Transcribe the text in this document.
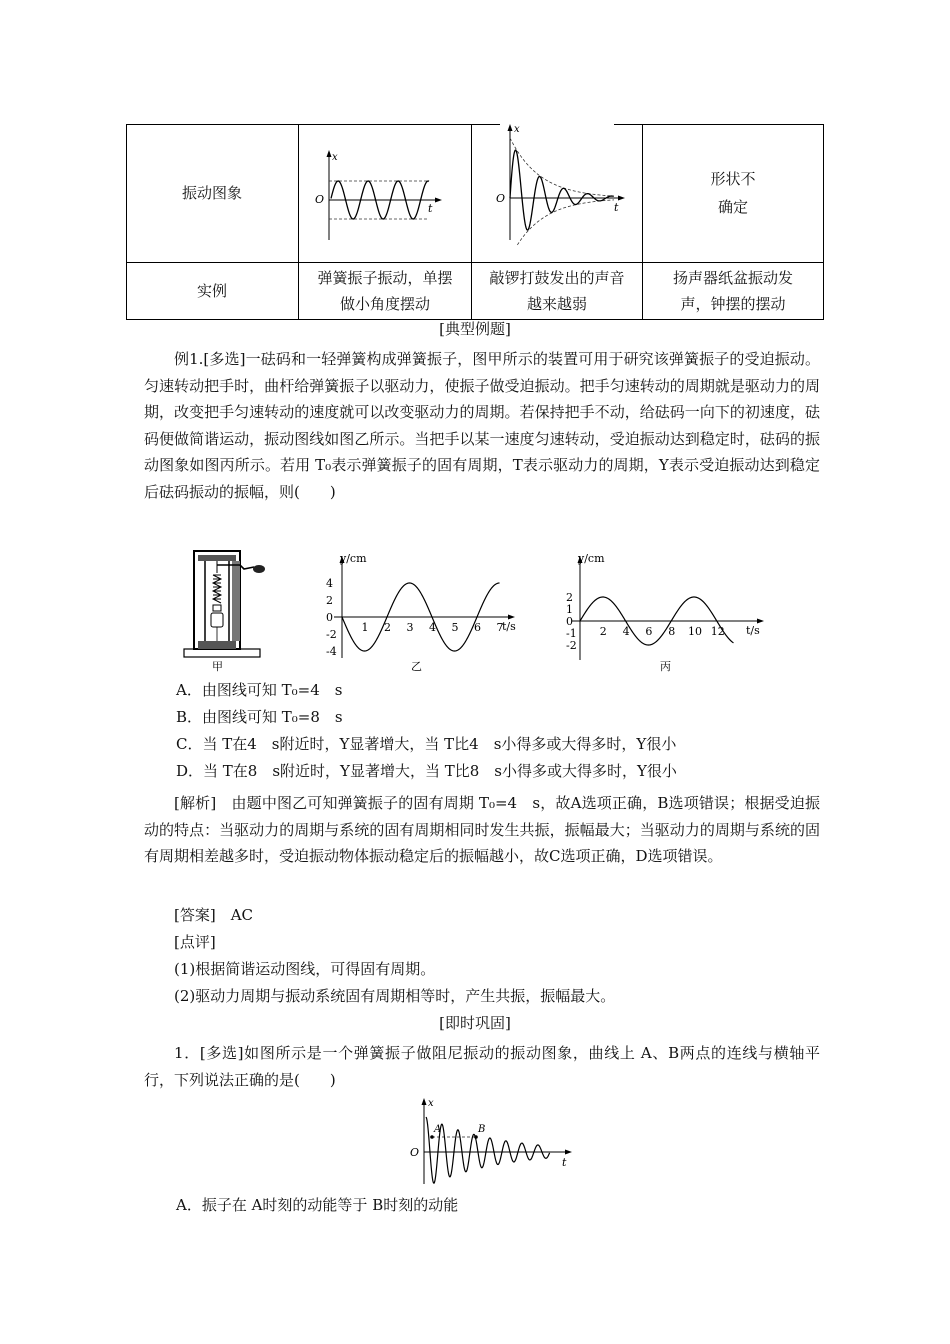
振动图象
x
O
t
x
O
t
形状不
确定
实例
弹簧振子振动，单摆
做小角度摆动
敲锣打鼓发出的声音
越来越弱
扬声器纸盆振动发
声，钟摆的摆动
[典型例题]
例1.[多选]一砝码和一轻弹簧构成弹簧振子，图甲所示的装置可用于研究该弹簧振子的受迫振动。匀速转动把手时，曲杆给弹簧振子以驱动力，使振子做受迫振动。把手匀速转动的周期就是驱动力的周期，改变把手匀速转动的速度就可以改变驱动力的周期。若保持把手不动，给砝码一向下的初速度，砝码便做简谐运动，振动图线如图乙所示。当把手以某一速度匀速转动，受迫振动达到稳定时，砝码的振动图象如图丙所示。若用 T₀表示弹簧振子的固有周期，T表示驱动力的周期，Y表示受迫振动达到稳定后砝码振动的振幅，则(　　)
甲
4
2
0
-2
-4
1 2 3 4 5 6 7
y/cm
t/s
乙
2
1
0
-1
-2
2 4 6 8 10 12
y/cm
t/s
丙
A．由图线可知 T₀=4　s
B．由图线可知 T₀=8　s
C．当 T在4　s附近时，Y显著增大，当 T比4　s小得多或大得多时，Y很小
D．当 T在8　s附近时，Y显著增大，当 T比8　s小得多或大得多时，Y很小
[解析]　由题中图乙可知弹簧振子的固有周期 T₀=4　s，故A选项正确，B选项错误；根据受迫振动的特点：当驱动力的周期与系统的固有周期相同时发生共振，振幅最大；当驱动力的周期与系统的固有周期相差越多时，受迫振动物体振动稳定后的振幅越小，故C选项正确，D选项错误。
[答案]　AC
[点评]
(1)根据简谐运动图线，可得固有周期。
(2)驱动力周期与振动系统固有周期相等时，产生共振，振幅最大。
[即时巩固]
1．[多选]如图所示是一个弹簧振子做阻尼振动的振动图象，曲线上 A、B两点的连线与横轴平行，下列说法正确的是(　　)
x
O
A	B
t
A．振子在 A时刻的动能等于 B时刻的动能
